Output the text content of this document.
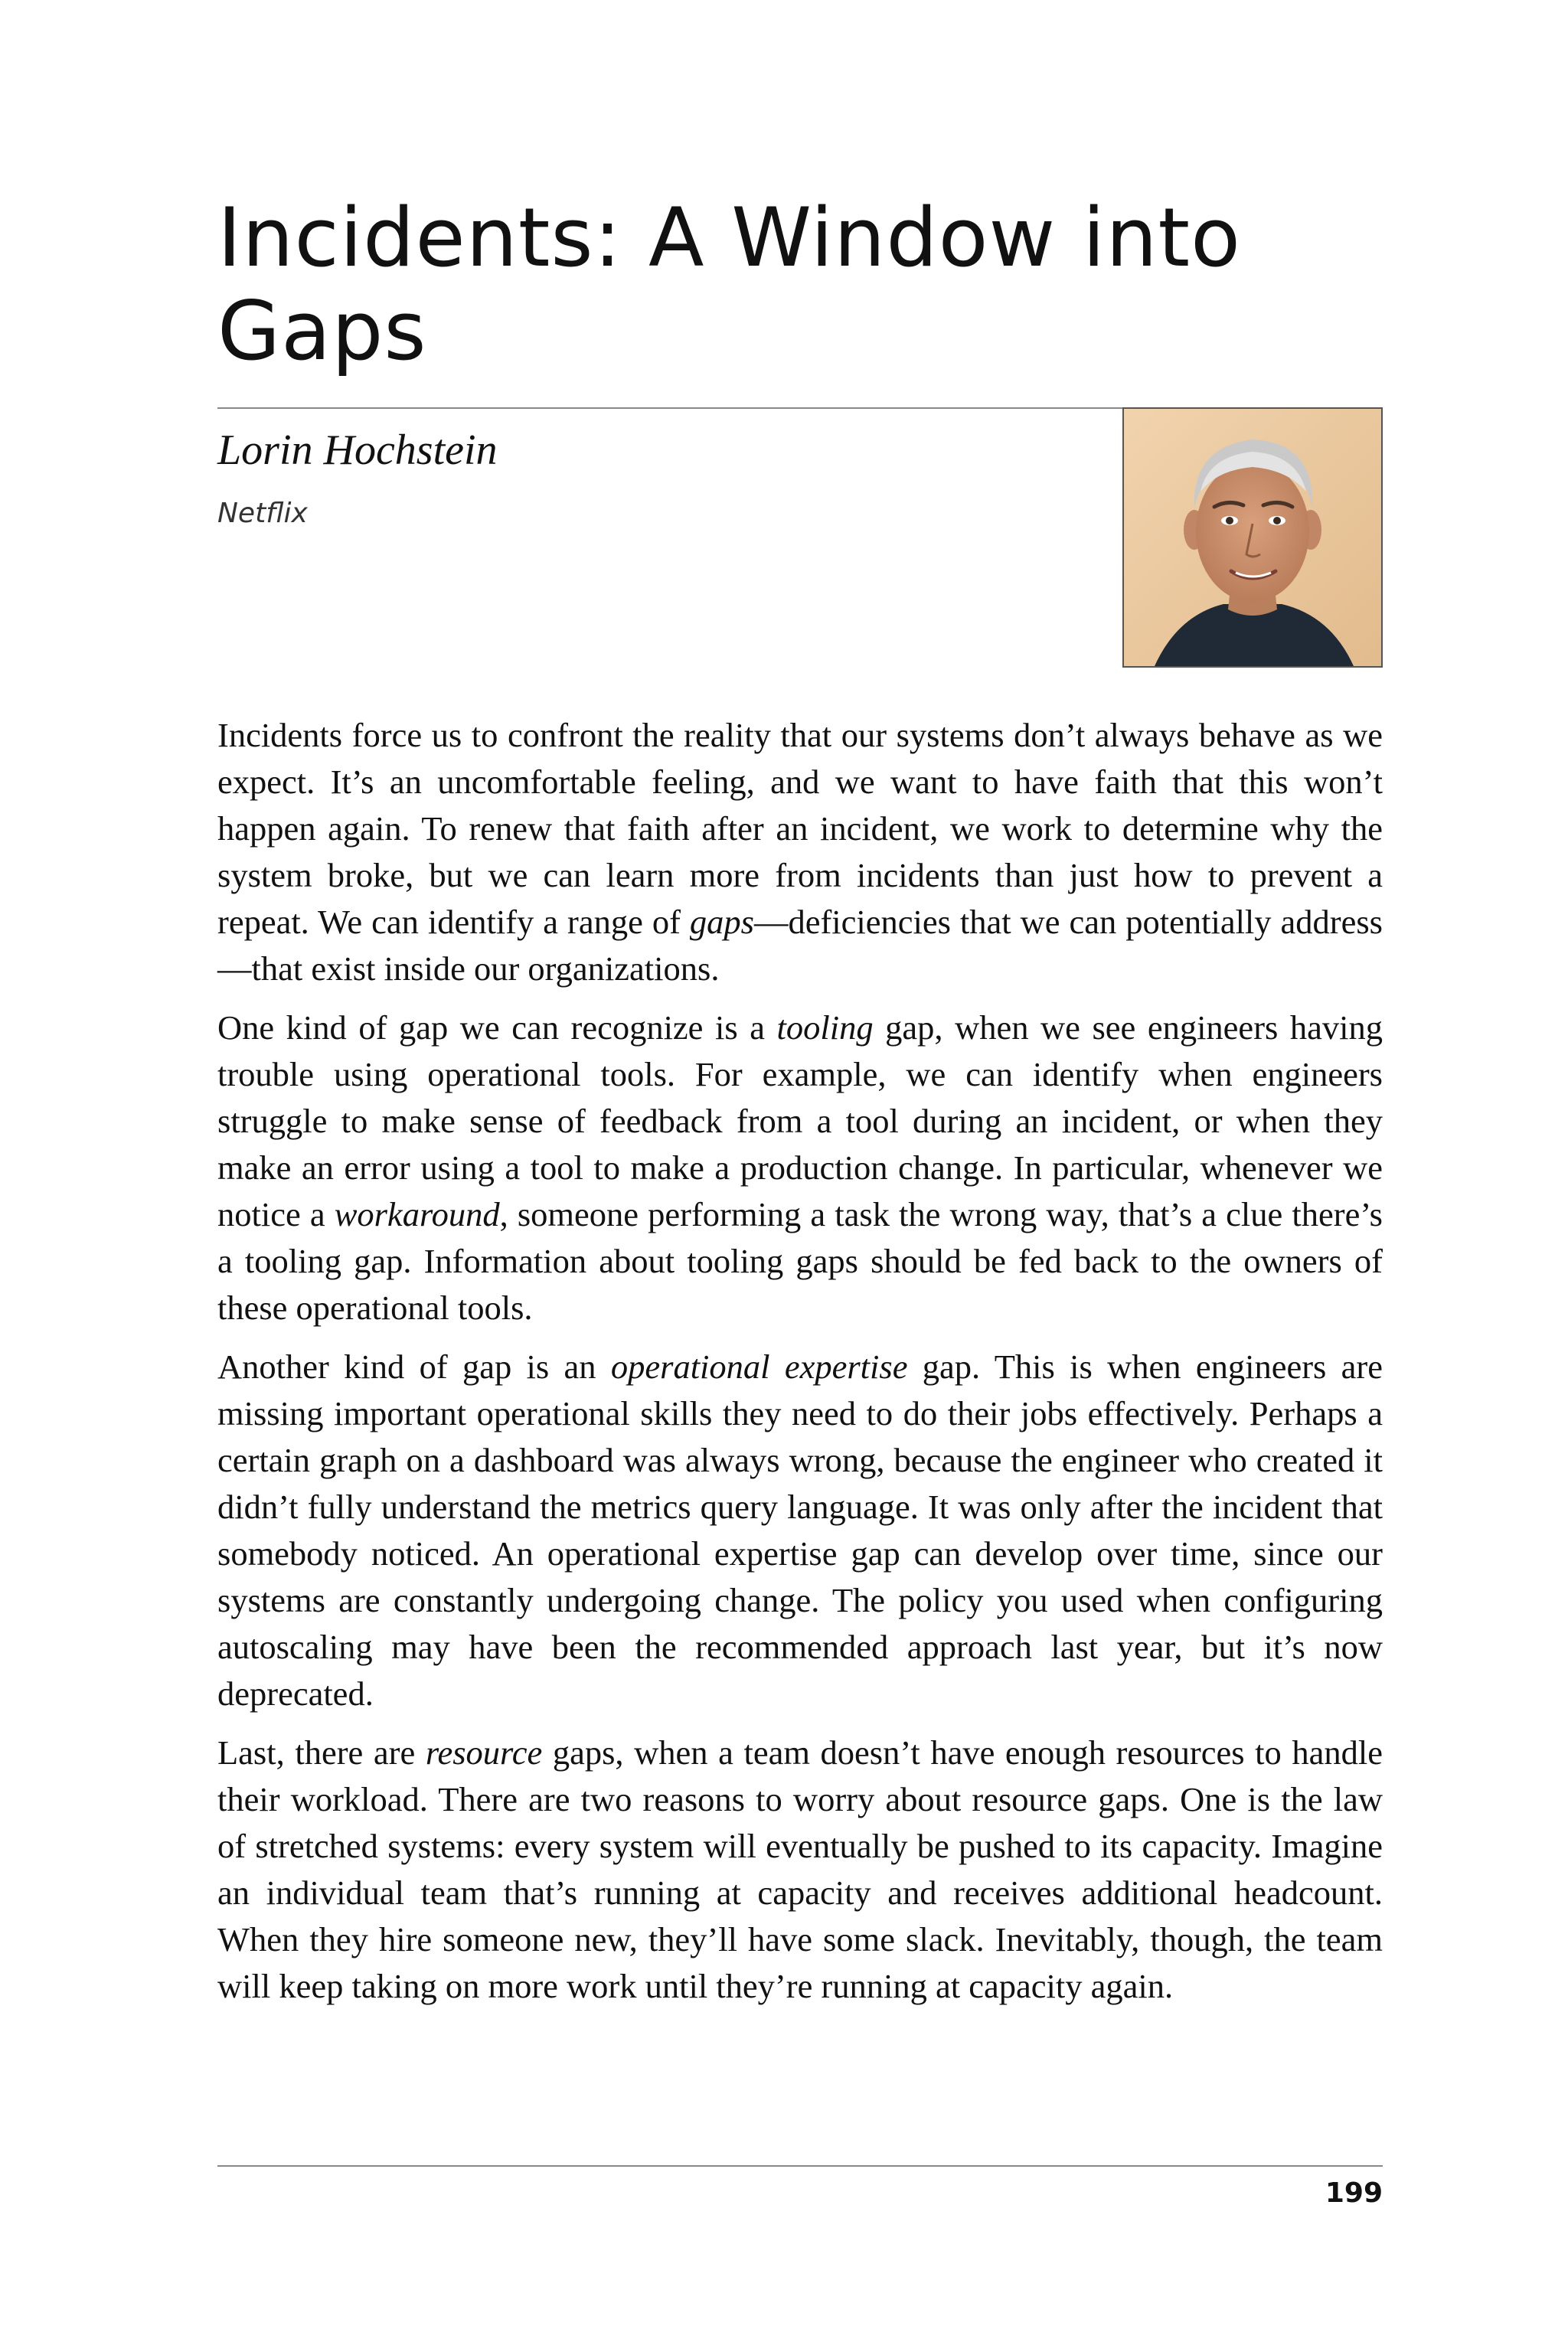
Incidents: A Window into Gaps

Lorin Hochstein

Netflix

Incidents force us to confront the reality that our systems don’t always behave as we expect. It’s an uncomfortable feeling, and we want to have faith that this won’t happen again. To renew that faith after an incident, we work to determine why the system broke, but we can learn more from incidents than just how to prevent a repeat. We can identify a range of gaps—deficiencies that we can potentially address—that exist inside our organizations.

One kind of gap we can recognize is a tooling gap, when we see engineers having trouble using operational tools. For example, we can identify when engineers struggle to make sense of feedback from a tool during an incident, or when they make an error using a tool to make a production change. In particular, whenever we notice a workaround, someone performing a task the wrong way, that’s a clue there’s a tooling gap. Information about tooling gaps should be fed back to the owners of these operational tools.

Another kind of gap is an operational expertise gap. This is when engineers are missing important operational skills they need to do their jobs effectively. Perhaps a certain graph on a dashboard was always wrong, because the engineer who created it didn’t fully understand the metrics query language. It was only after the incident that somebody noticed. An operational expertise gap can develop over time, since our systems are constantly undergoing change. The policy you used when configuring autoscaling may have been the recommended approach last year, but it’s now deprecated.

Last, there are resource gaps, when a team doesn’t have enough resources to handle their workload. There are two reasons to worry about resource gaps. One is the law of stretched systems: every system will eventually be pushed to its capacity. Imagine an individual team that’s running at capacity and receives additional headcount. When they hire someone new, they’ll have some slack. Inevitably, though, the team will keep taking on more work until they’re running at capacity again.

199
